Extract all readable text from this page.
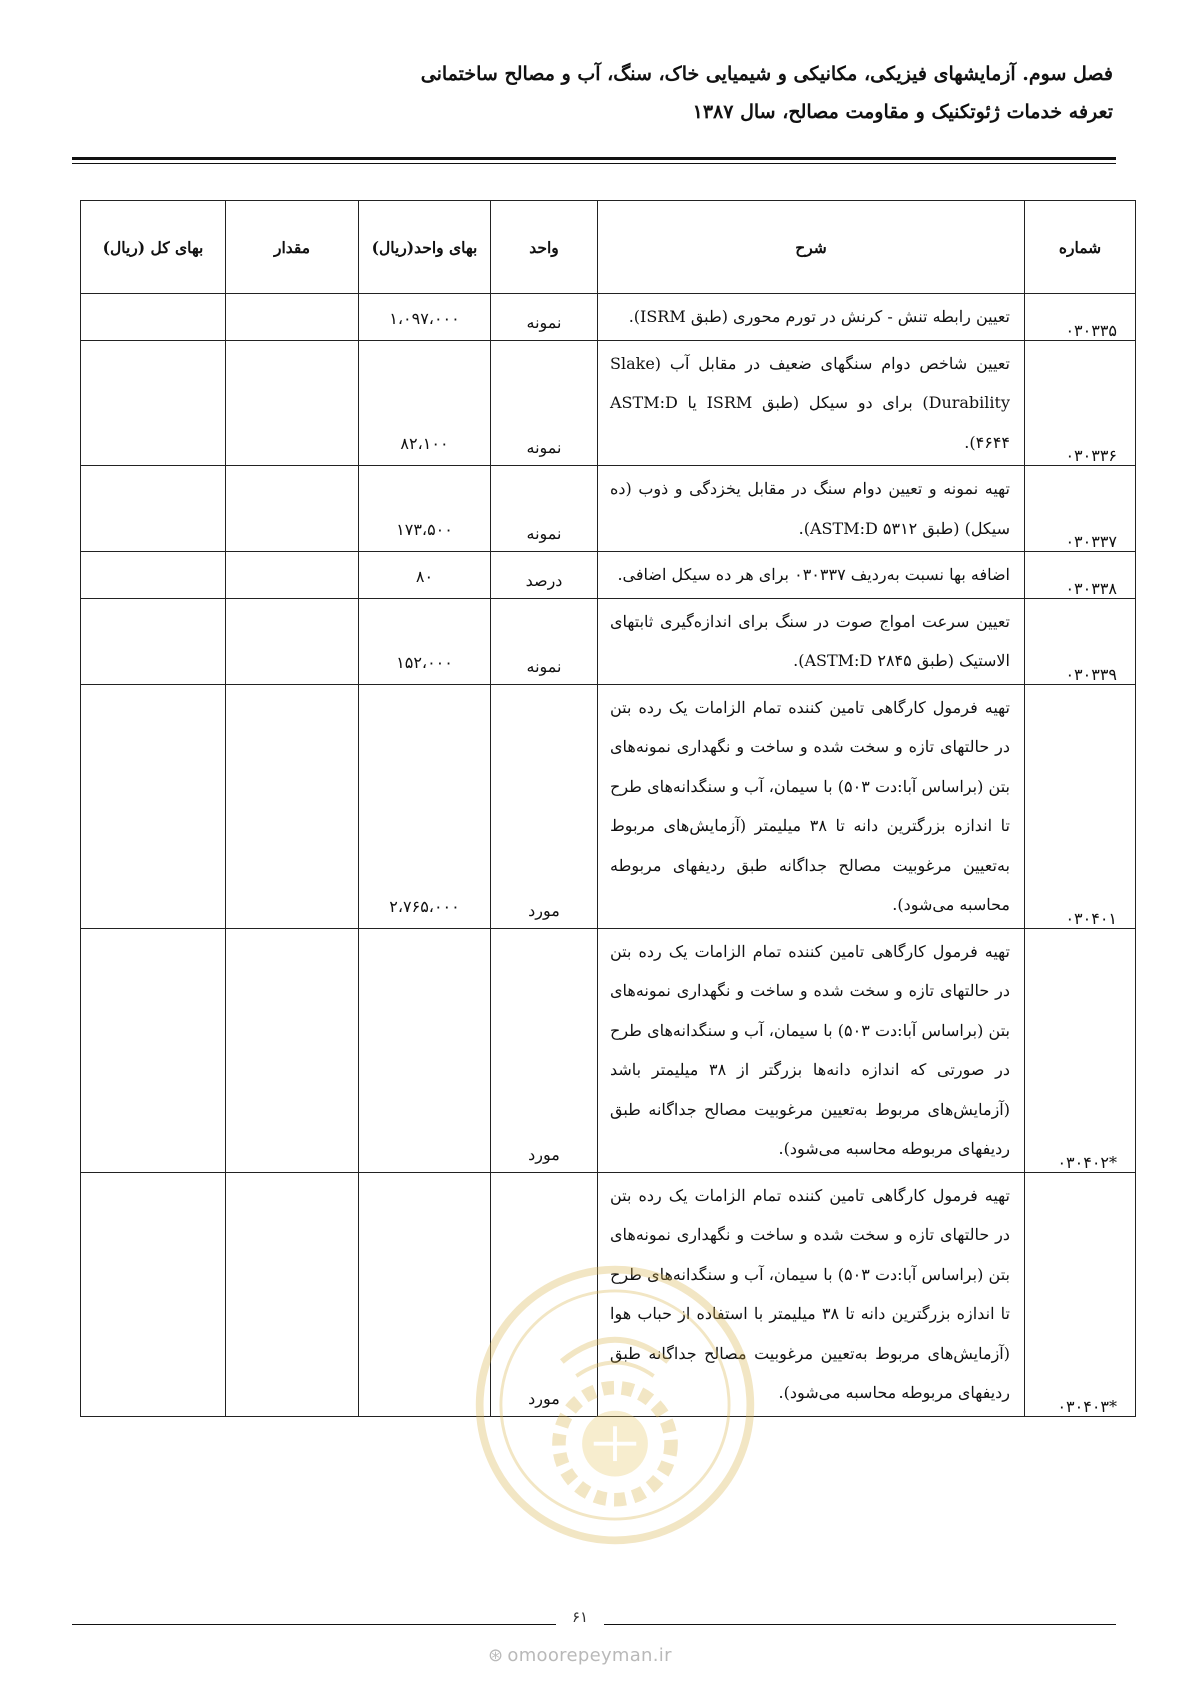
فصل سوم. آزمایشهای فیزیکی، مکانیکی و شیمیایی خاک، سنگ، آب و مصالح ساختمانی
تعرفه خدمات ژئوتکنیک و مقاومت مصالح، سال ۱۳۸۷
شماره	شرح	واحد	بهای واحد(ریال)	مقدار	بهای کل (ریال)
۰۳۰۳۳۵	تعیین رابطه تنش - کرنش در تورم محوری (طبق ISRM).	نمونه	۱،۰۹۷،۰۰۰		
۰۳۰۳۳۶	تعیین شاخص دوام سنگهای ضعیف در مقابل آب (Slake Durability) برای دو سیکل (طبق ISRM یا ASTM:D ۴۶۴۴).	نمونه	۸۲،۱۰۰		
۰۳۰۳۳۷	تهیه نمونه و تعیین دوام سنگ در مقابل یخزدگی و ذوب (ده سیکل) (طبق ASTM:D ۵۳۱۲).	نمونه	۱۷۳،۵۰۰		
۰۳۰۳۳۸	اضافه بها نسبت به‌ردیف ۰۳۰۳۳۷ برای هر ده سیکل اضافی.	درصد	۸۰		
۰۳۰۳۳۹	تعیین سرعت امواج صوت در سنگ برای اندازه‌گیری ثابتهای الاستیک (طبق ASTM:D ۲۸۴۵).	نمونه	۱۵۲،۰۰۰		
۰۳۰۴۰۱	تهیه فرمول کارگاهی تامین کننده تمام الزامات یک رده بتن در حالتهای تازه و سخت شده و ساخت و نگهداری نمونه‌های بتن (براساس آبا:دت ۵۰۳) با سیمان، آب و سنگدانه‌های طرح تا اندازه بزرگترین دانه تا ۳۸ میلیمتر (آزمایش‌های مربوط به‌تعیین مرغوبیت مصالح جداگانه طبق ردیفهای مربوطه محاسبه می‌شود).	مورد	۲،۷۶۵،۰۰۰		
*۰۳۰۴۰۲	تهیه فرمول کارگاهی تامین کننده تمام الزامات یک رده بتن در حالتهای تازه و سخت شده و ساخت و نگهداری نمونه‌های بتن (براساس آبا:دت ۵۰۳) با سیمان، آب و سنگدانه‌های طرح در صورتی که اندازه دانه‌ها بزرگتر از ۳۸ میلیمتر باشد (آزمایش‌های مربوط به‌تعیین مرغوبیت مصالح جداگانه طبق ردیفهای مربوطه محاسبه می‌شود).	مورد			
*۰۳۰۴۰۳	تهیه فرمول کارگاهی تامین کننده تمام الزامات یک رده بتن در حالتهای تازه و سخت شده و ساخت و نگهداری نمونه‌های بتن (براساس آبا:دت ۵۰۳) با سیمان، آب و سنگدانه‌های طرح تا اندازه بزرگترین دانه تا ۳۸ میلیمتر با استفاده از حباب هوا (آزمایش‌های مربوط به‌تعیین مرغوبیت مصالح جداگانه طبق ردیفهای مربوطه محاسبه می‌شود).	مورد			
۶۱
⊛ omoorepeyman.ir
